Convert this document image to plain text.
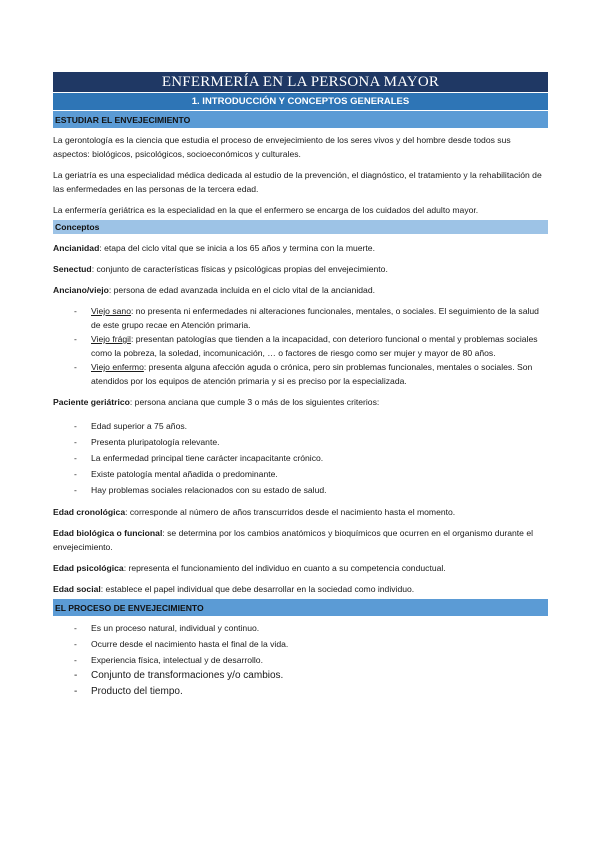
ENFERMERÍA EN LA PERSONA MAYOR
1. INTRODUCCIÓN Y CONCEPTOS GENERALES
ESTUDIAR EL ENVEJECIMIENTO

La gerontología es la ciencia que estudia el proceso de envejecimiento de los seres vivos y del hombre desde todos sus aspectos: biológicos, psicológicos, socioeconómicos y culturales.

La geriatría es una especialidad médica dedicada al estudio de la prevención, el diagnóstico, el tratamiento y la rehabilitación de las enfermedades en las personas de la tercera edad.

La enfermería geriátrica es la especialidad en la que el enfermero se encarga de los cuidados del adulto mayor.

Conceptos

Ancianidad: etapa del ciclo vital que se inicia a los 65 años y termina con la muerte.

Senectud: conjunto de características físicas y psicológicas propias del envejecimiento.

Anciano/viejo: persona de edad avanzada incluida en el ciclo vital de la ancianidad.

- Viejo sano: no presenta ni enfermedades ni alteraciones funcionales, mentales, o sociales. El seguimiento de la salud de este grupo recae en Atención primaria.
- Viejo frágil: presentan patologías que tienden a la incapacidad, con deterioro funcional o mental y problemas sociales como la pobreza, la soledad, incomunicación, … o factores de riesgo como ser mujer y mayor de 80 años.
- Viejo enfermo: presenta alguna afección aguda o crónica, pero sin problemas funcionales, mentales o sociales. Son atendidos por los equipos de atención primaria y si es preciso por la especializada.

Paciente geriátrico: persona anciana que cumple 3 o más de los siguientes criterios:

- Edad superior a 75 años.
- Presenta pluripatología relevante.
- La enfermedad principal tiene carácter incapacitante crónico.
- Existe patología mental añadida o predominante.
- Hay problemas sociales relacionados con su estado de salud.

Edad cronológica: corresponde al número de años transcurridos desde el nacimiento hasta el momento.

Edad biológica o funcional: se determina por los cambios anatómicos y bioquímicos que ocurren en el organismo durante el envejecimiento.

Edad psicológica: representa el funcionamiento del individuo en cuanto a su competencia conductual.

Edad social: establece el papel individual que debe desarrollar en la sociedad como individuo.

EL PROCESO DE ENVEJECIMIENTO
- Es un proceso natural, individual y continuo.
- Ocurre desde el nacimiento hasta el final de la vida.
- Experiencia física, intelectual y de desarrollo.
- Conjunto de transformaciones y/o cambios.
- Producto del tiempo.
